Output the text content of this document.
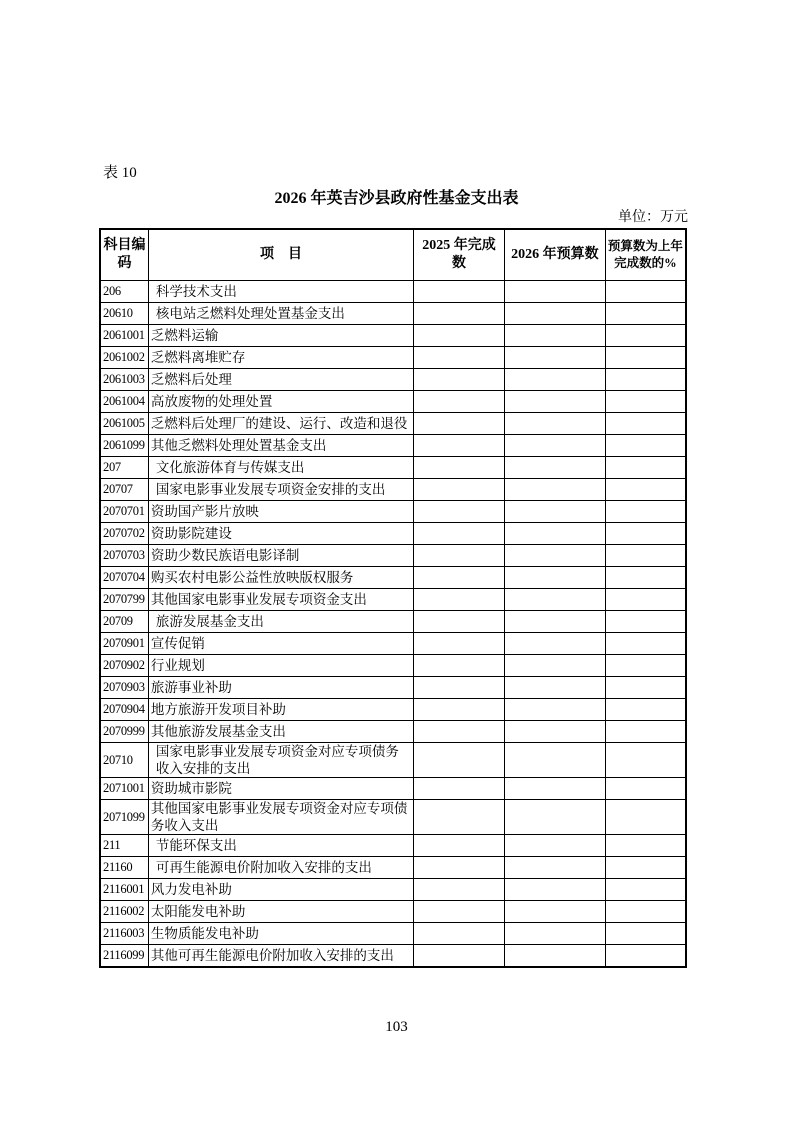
表 10
2026 年英吉沙县政府性基金支出表
单位：万元
科目编码	项　目	2025 年完成数	2026 年预算数	预算数为上年完成数的%
206	科学技术支出			
20610	核电站乏燃料处理处置基金支出			
2061001	乏燃料运输			
2061002	乏燃料离堆贮存			
2061003	乏燃料后处理			
2061004	高放废物的处理处置			
2061005	乏燃料后处理厂的建设、运行、改造和退役			
2061099	其他乏燃料处理处置基金支出			
207	文化旅游体育与传媒支出			
20707	国家电影事业发展专项资金安排的支出			
2070701	资助国产影片放映			
2070702	资助影院建设			
2070703	资助少数民族语电影译制			
2070704	购买农村电影公益性放映版权服务			
2070799	其他国家电影事业发展专项资金支出			
20709	旅游发展基金支出			
2070901	宣传促销			
2070902	行业规划			
2070903	旅游事业补助			
2070904	地方旅游开发项目补助			
2070999	其他旅游发展基金支出			
20710	国家电影事业发展专项资金对应专项债务收入安排的支出			
2071001	资助城市影院			
2071099	其他国家电影事业发展专项资金对应专项债务收入支出			
211	节能环保支出			
21160	可再生能源电价附加收入安排的支出			
2116001	风力发电补助			
2116002	太阳能发电补助			
2116003	生物质能发电补助			
2116099	其他可再生能源电价附加收入安排的支出			
103
